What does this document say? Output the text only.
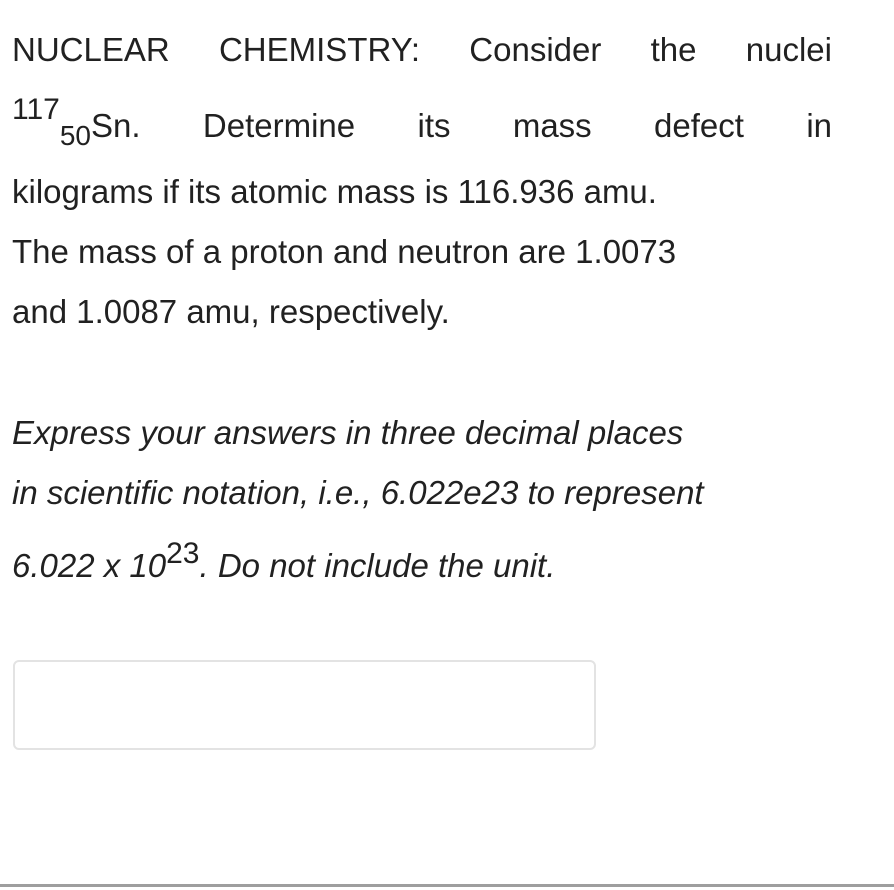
NUCLEAR CHEMISTRY: Consider the nuclei
$117_{50}Sn$. Determine its mass defect in
kilograms if its atomic mass is 116.936 amu.
The mass of a proton and neutron are 1.0073
and 1.0087 amu, respectively.
Express your answers in three decimal places
in scientific notation, i.e., 6.022e23 to represent
6.022 x 1023. Do not include the unit.
